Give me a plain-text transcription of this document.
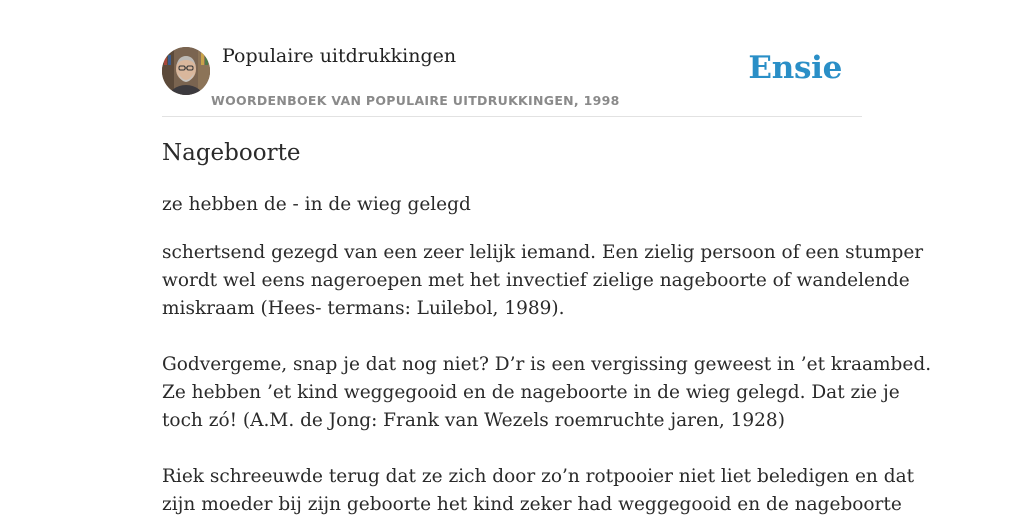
Populaire uitdrukkingen
WOORDENBOEK VAN POPULAIRE UITDRUKKINGEN, 1998
Ensie
Nageboorte
ze hebben de - in de wieg gelegd
schertsend gezegd van een zeer lelijk iemand. Een zielig persoon of een stumper
wordt wel eens nageroepen met het invectief zielige nageboorte of wandelende
miskraam (Hees- termans: Luilebol, 1989).
Godvergeme, snap je dat nog niet? D’r is een vergissing geweest in ’et kraambed.
Ze hebben ’et kind weggegooid en de nageboorte in de wieg gelegd. Dat zie je
toch zó! (A.M. de Jong: Frank van Wezels roemruchte jaren, 1928)
Riek schreeuwde terug dat ze zich door zo’n rotpooier niet liet beledigen en dat
zijn moeder bij zijn geboorte het kind zeker had weggegooid en de nageboorte
